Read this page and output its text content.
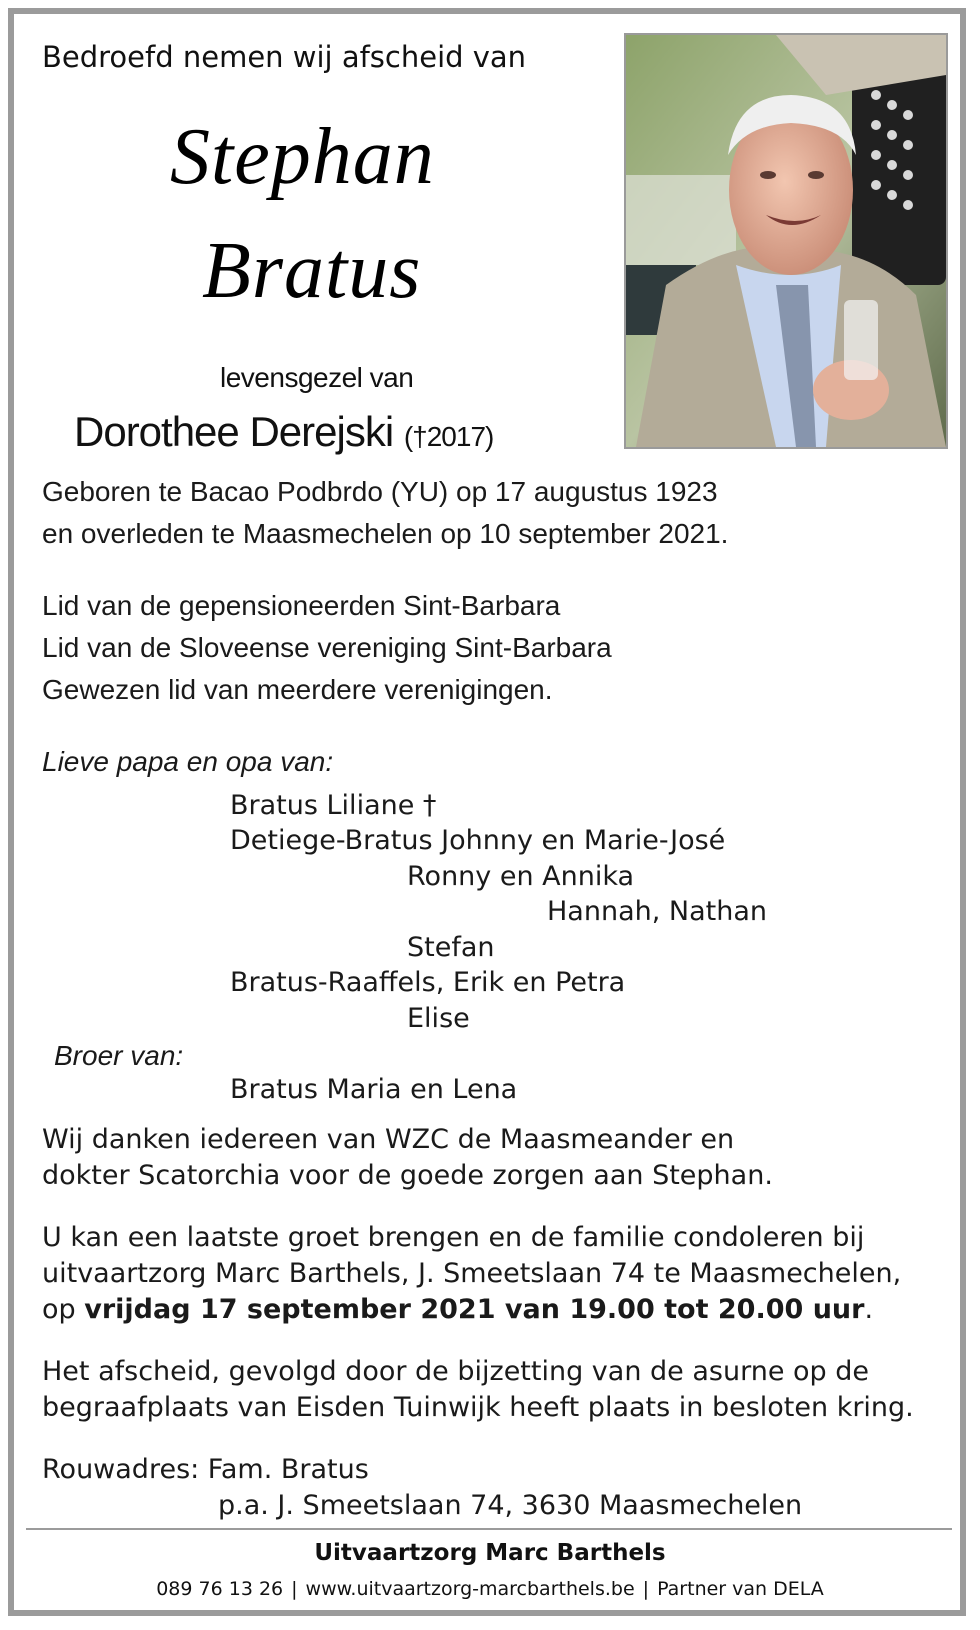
Bedroefd nemen wij afscheid van
Stephan
Bratus
levensgezel van
Dorothee Derejski (†2017)
Geboren te Bacao Podbrdo (YU) op 17 augustus 1923
en overleden te Maasmechelen op 10 september 2021.
Lid van de gepensioneerden Sint-Barbara
Lid van de Sloveense vereniging Sint-Barbara
Gewezen lid van meerdere verenigingen.
Lieve papa en opa van:
Bratus Liliane †
Detiege-Bratus Johnny en Marie-José
Ronny en Annika
Hannah, Nathan
Stefan
Bratus-Raaffels, Erik en Petra
Elise
Broer van:
Bratus Maria en Lena
Wij danken iedereen van WZC de Maasmeander en
dokter Scatorchia voor de goede zorgen aan Stephan.
U kan een laatste groet brengen en de familie condoleren bij
uitvaartzorg Marc Barthels, J. Smeetslaan 74 te Maasmechelen,
op vrijdag 17 september 2021 van 19.00 tot 20.00 uur.
Het afscheid, gevolgd door de bijzetting van de asurne op de
begraafplaats van Eisden Tuinwijk heeft plaats in besloten kring.
Rouwadres: Fam. Bratus
p.a. J. Smeetslaan 74, 3630 Maasmechelen
Uitvaartzorg Marc Barthels
089 76 13 26 | www.uitvaartzorg-marcbarthels.be | Partner van DELA
